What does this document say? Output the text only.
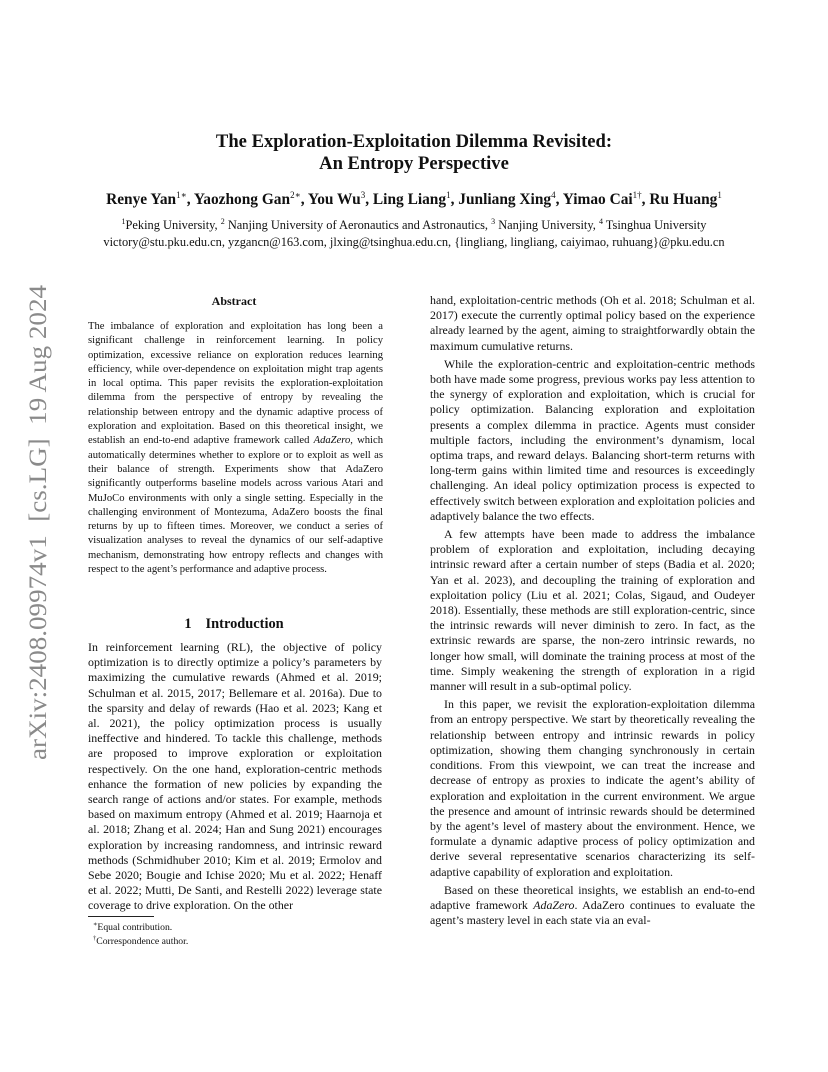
arXiv:2408.09974v1  [cs.LG]  19 Aug 2024
The Exploration-Exploitation Dilemma Revisited:
An Entropy Perspective
Renye Yan$^{1∗}$, Yaozhong Gan$^{2∗}$, You Wu$^3$, Ling Liang$^1$, Junliang Xing$^4$, Yimao Cai$^{1\dagger}$, Ru Huang$^1$
$^1$Peking University, $^2$ Nanjing University of Aeronautics and Astronautics, $^3$ Nanjing University, $^4$ Tsinghua University
victory@stu.pku.edu.cn, yzgancn@163.com, jlxing@tsinghua.edu.cn, {lingliang, lingliang, caiyimao, ruhuang}@pku.edu.cn
Abstract
The imbalance of exploration and exploitation has long been a significant challenge in reinforcement learning. In policy optimization, excessive reliance on exploration reduces learning efficiency, while over-dependence on exploitation might trap agents in local optima. This paper revisits the exploration-exploitation dilemma from the perspective of entropy by revealing the relationship between entropy and the dynamic adaptive process of exploration and exploitation. Based on this theoretical insight, we establish an end-to-end adaptive framework called AdaZero, which automatically determines whether to explore or to exploit as well as their balance of strength. Experiments show that AdaZero significantly outperforms baseline models across various Atari and MuJoCo environments with only a single setting. Especially in the challenging environment of Montezuma, AdaZero boosts the final returns by up to fifteen times. Moreover, we conduct a series of visualization analyses to reveal the dynamics of our self-adaptive mechanism, demonstrating how entropy reflects and changes with respect to the agent’s performance and adaptive process.
1 Introduction

In reinforcement learning (RL), the objective of policy optimization is to directly optimize a policy’s parameters by maximizing the cumulative rewards (Ahmed et al. 2019; Schulman et al. 2015, 2017; Bellemare et al. 2016a). Due to the sparsity and delay of rewards (Hao et al. 2023; Kang et al. 2021), the policy optimization process is usually ineffective and hindered. To tackle this challenge, methods are proposed to improve exploration or exploitation respectively. On the one hand, exploration-centric methods enhance the formation of new policies by expanding the search range of actions and/or states. For example, methods based on maximum entropy (Ahmed et al. 2019; Haarnoja et al. 2018; Zhang et al. 2024; Han and Sung 2021) encourages exploration by increasing randomness, and intrinsic reward methods (Schmidhuber 2010; Kim et al. 2019; Ermolov and Sebe 2020; Bougie and Ichise 2020; Mu et al. 2022; Henaff et al. 2022; Mutti, De Santi, and Restelli 2022) leverage state coverage to drive exploration. On the other

∗Equal contribution.
†Correspondence author.

hand, exploitation-centric methods (Oh et al. 2018; Schulman et al. 2017) execute the currently optimal policy based on the experience already learned by the agent, aiming to straightforwardly obtain the maximum cumulative returns.

While the exploration-centric and exploitation-centric methods both have made some progress, previous works pay less attention to the synergy of exploration and exploitation, which is crucial for policy optimization. Balancing exploration and exploitation presents a complex dilemma in practice. Agents must consider multiple factors, including the environment’s dynamism, local optima traps, and reward delays. Balancing short-term returns with long-term gains within limited time and resources is exceedingly challenging. An ideal policy optimization process is expected to effectively switch between exploration and exploitation policies and adaptively balance the two effects.

A few attempts have been made to address the imbalance problem of exploration and exploitation, including decaying intrinsic reward after a certain number of steps (Badia et al. 2020; Yan et al. 2023), and decoupling the training of exploration and exploitation policy (Liu et al. 2021; Colas, Sigaud, and Oudeyer 2018). Essentially, these methods are still exploration-centric, since the intrinsic rewards will never diminish to zero. In fact, as the extrinsic rewards are sparse, the non-zero intrinsic rewards, no longer how small, will dominate the training process at most of the time. Simply weakening the strength of exploration in a rigid manner will result in a sub-optimal policy.

In this paper, we revisit the exploration-exploitation dilemma from an entropy perspective. We start by theoretically revealing the relationship between entropy and intrinsic rewards in policy optimization, showing them changing synchronously in certain conditions. From this viewpoint, we can treat the increase and decrease of entropy as proxies to indicate the agent’s ability of exploration and exploitation in the current environment. We argue the presence and amount of intrinsic rewards should be determined by the agent’s level of mastery about the environment. Hence, we formulate a dynamic adaptive process of policy optimization and derive several representative scenarios characterizing its self-adaptive capability of exploration and exploitation.

Based on these theoretical insights, we establish an end-to-end adaptive framework AdaZero. AdaZero continues to evaluate the agent’s mastery level in each state via an eval-
